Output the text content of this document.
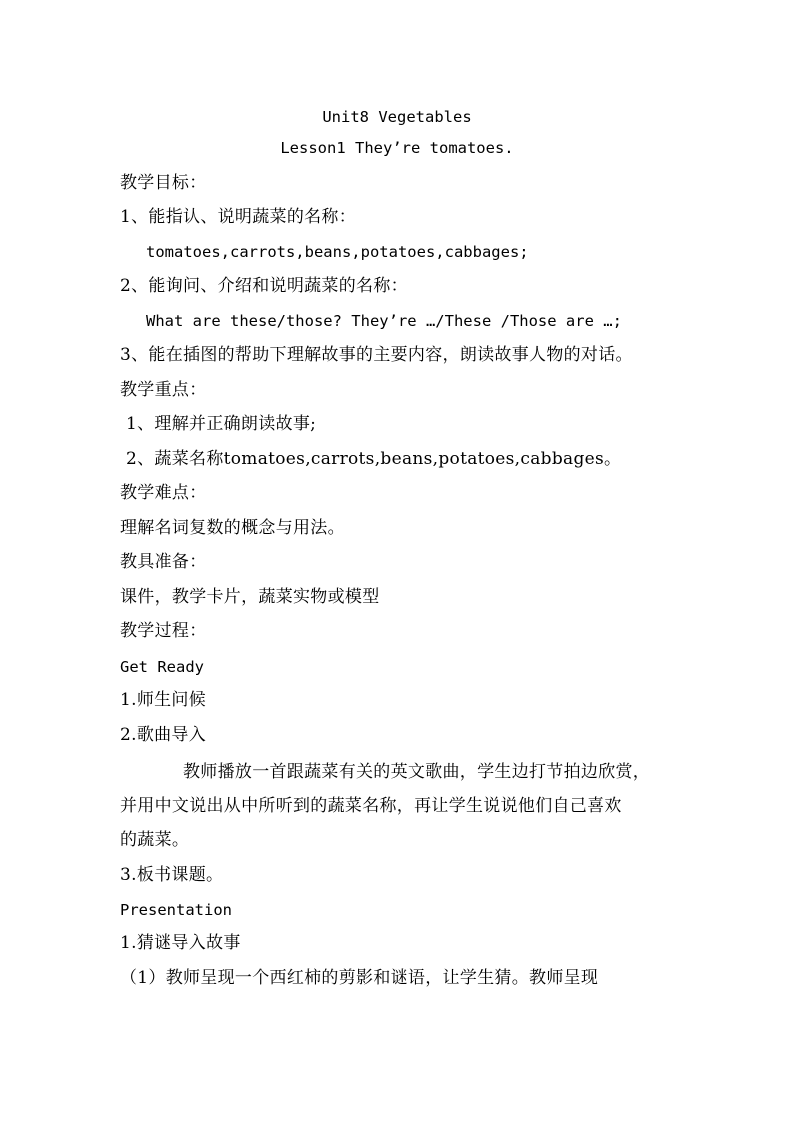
Unit8 Vegetables
Lesson1 They’re tomatoes.
教学目标：
1、能指认、说明蔬菜的名称：
tomatoes,carrots,beans,potatoes,cabbages;
2、能询问、介绍和说明蔬菜的名称：
What are these/those? They’re …/These /Those are …;
3、能在插图的帮助下理解故事的主要内容，朗读故事人物的对话。
教学重点：
1、理解并正确朗读故事;
2、蔬菜名称tomatoes,carrots,beans,potatoes,cabbages。
教学难点：
理解名词复数的概念与用法。
教具准备：
课件，教学卡片，蔬菜实物或模型
教学过程：
Get Ready
1.师生问候
2.歌曲导入
教师播放一首跟蔬菜有关的英文歌曲，学生边打节拍边欣赏，
并用中文说出从中所听到的蔬菜名称，再让学生说说他们自己喜欢
的蔬菜。
3.板书课题。
Presentation
1.猜谜导入故事
（1）教师呈现一个西红柿的剪影和谜语，让学生猜。教师呈现
